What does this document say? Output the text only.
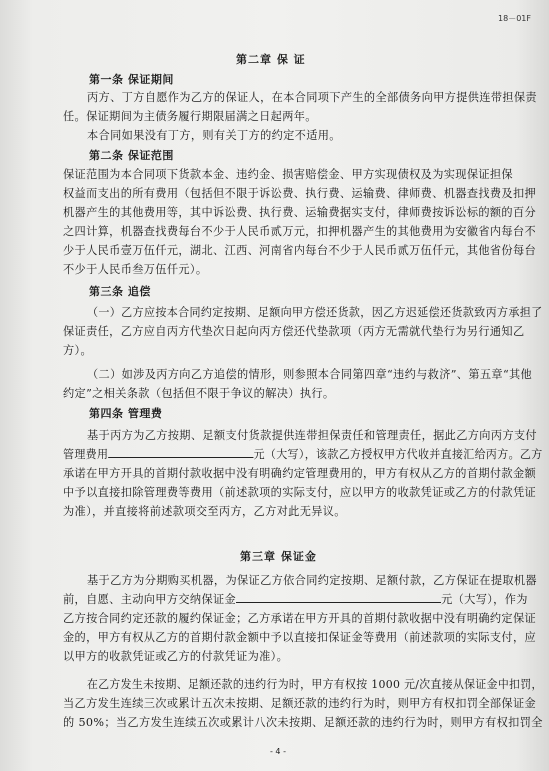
18－01F
第二章 保 证
第一条 保证期间
丙方、丁方自愿作为乙方的保证人，在本合同项下产生的全部债务向甲方提供连带担保责
任。保证期间为主债务履行期限届满之日起两年。
本合同如果没有丁方，则有关丁方的约定不适用。
第二条 保证范围
保证范围为本合同项下货款本金、违约金、损害赔偿金、甲方实现债权及为实现保证担保
权益而支出的所有费用（包括但不限于诉讼费、执行费、运输费、律师费、机器查找费及扣押
机器产生的其他费用等，其中诉讼费、执行费、运输费据实支付，律师费按诉讼标的额的百分
之四计算，机器查找费每台不少于人民币贰万元，扣押机器产生的其他费用为安徽省内每台不
少于人民币壹万伍仟元，湖北、江西、河南省内每台不少于人民币贰万伍仟元，其他省份每台
不少于人民币叁万伍仟元）。
第三条 追偿
（一）乙方应按本合同约定按期、足额向甲方偿还货款，因乙方迟延偿还货款致丙方承担了
保证责任，乙方应自丙方代垫次日起向丙方偿还代垫款项（丙方无需就代垫行为另行通知乙
方）。
（二）如涉及丙方向乙方追偿的情形，则参照本合同第四章“违约与救济”、第五章“其他
约定”之相关条款（包括但不限于争议的解决）执行。
第四条 管理费
基于丙方为乙方按期、足额支付货款提供连带担保责任和管理责任，据此乙方向丙方支付
管理费用	元（大写），该款乙方授权甲方代收并直接汇给丙方。乙方
承诺在甲方开具的首期付款收据中没有明确约定管理费用的，甲方有权从乙方的首期付款金额
中予以直接扣除管理费等费用（前述款项的实际支付，应以甲方的收款凭证或乙方的付款凭证
为准），并直接将前述款项交至丙方，乙方对此无异议。
第三章 保证金
基于乙方为分期购买机器，为保证乙方依合同约定按期、足额付款，乙方保证在提取机器
前，自愿、主动向甲方交纳保证金	元（大写），作为
乙方按合同约定还款的履约保证金；乙方承诺在甲方开具的首期付款收据中没有明确约定保证
金的，甲方有权从乙方的首期付款金额中予以直接扣保证金等费用（前述款项的实际支付，应
以甲方的收款凭证或乙方的付款凭证为准）。
在乙方发生未按期、足额还款的违约行为时，甲方有权按 1000 元/次直接从保证金中扣罚，
当乙方发生连续三次或累计五次未按期、足额还款的违约行为时，则甲方有权扣罚全部保证金
的 50%；当乙方发生连续五次或累计八次未按期、足额还款的违约行为时，则甲方有权扣罚全
- 4 -
